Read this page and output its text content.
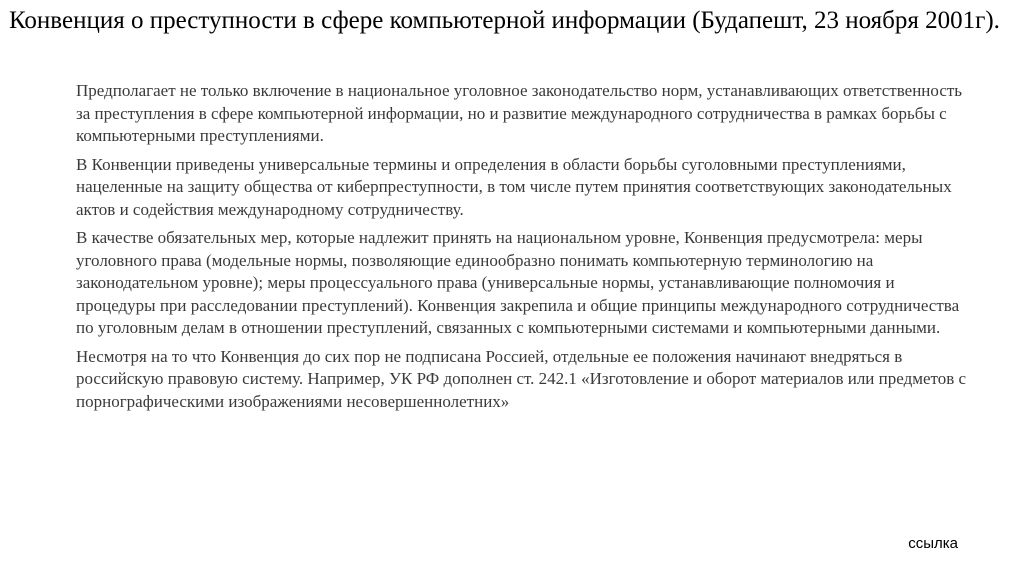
Конвенция о преступности в сфере компьютерной информации (Будапешт, 23 ноября 2001г).

Предполагает не только включение в национальное уголовное законодательство норм, устанавливающих ответственность за преступления в сфере компьютерной информации, но и развитие международного сотрудничества в рамках борьбы с компьютерными преступлениями.

В Конвенции приведены универсальные термины и определения в области борьбы суголовными преступлениями, нацеленные на защиту общества от киберпреступности, в том числе путем принятия соответствующих законодательных актов и содействия международному сотрудничеству.

В качестве обязательных мер, которые надлежит принять на национальном уровне, Конвенция предусмотрела: меры уголовного права (модельные нормы, позволяющие единообразно понимать компьютерную терминологию на законодательном уровне); меры процессуального права (универсальные нормы, устанавливающие полномочия и процедуры при расследовании преступлений). Конвенция закрепила и общие принципы международного сотрудничества по уголовным делам в отношении преступлений, связанных с компьютерными системами и компьютерными данными.

Несмотря на то что Конвенция до сих пор не подписана Россией, отдельные ее положения начинают внедряться в российскую правовую систему. Например, УК РФ дополнен ст. 242.1 «Изготовление и оборот материалов или предметов с порнографическими изображениями несовершеннолетних»

ссылка
